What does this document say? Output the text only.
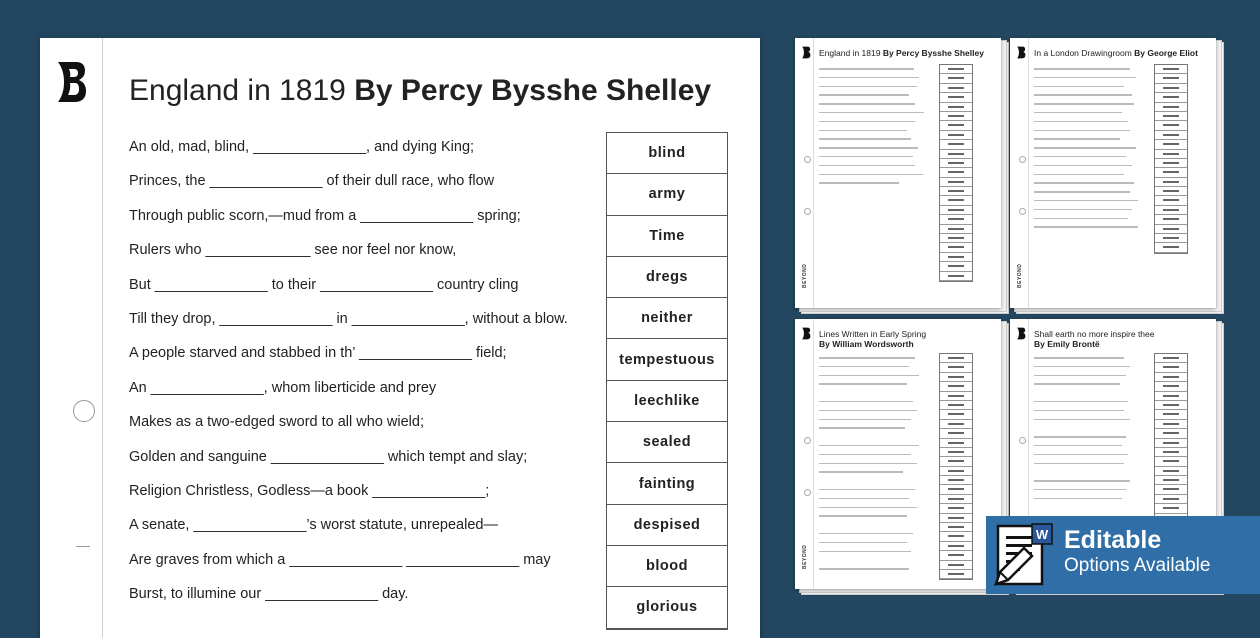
England in 1819 By Percy Bysshe Shelley
An old, mad, blind, ______________, and dying King;
Princes, the ______________ of their dull race, who flow
Through public scorn,—mud from a ______________ spring;
Rulers who _____________ see nor feel nor know,
But ______________ to their ______________ country cling
Till they drop, ______________ in ______________, without a blow.
A people starved and stabbed in th’ ______________ field;
An ______________, whom liberticide and prey
Makes as a two-edged sword to all who wield;
Golden and sanguine ______________ which tempt and slay;
Religion Christless, Godless—a book ______________;
A senate, ______________’s worst statute, unrepealed—
Are graves from which a ______________ ______________ may
Burst, to illumine our ______________ day.
blind
army
Time
dregs
neither
tempestuous
leechlike
sealed
fainting
despised
blood
glorious
England in 1819 By Percy Bysshe Shelley
BEYOND
In a London Drawingroom By George Eliot
BEYOND
Lines Written in Early Spring
By William Wordsworth
BEYOND
Shall earth no more inspire thee
By Emily Brontë
W Editable
Options Available
